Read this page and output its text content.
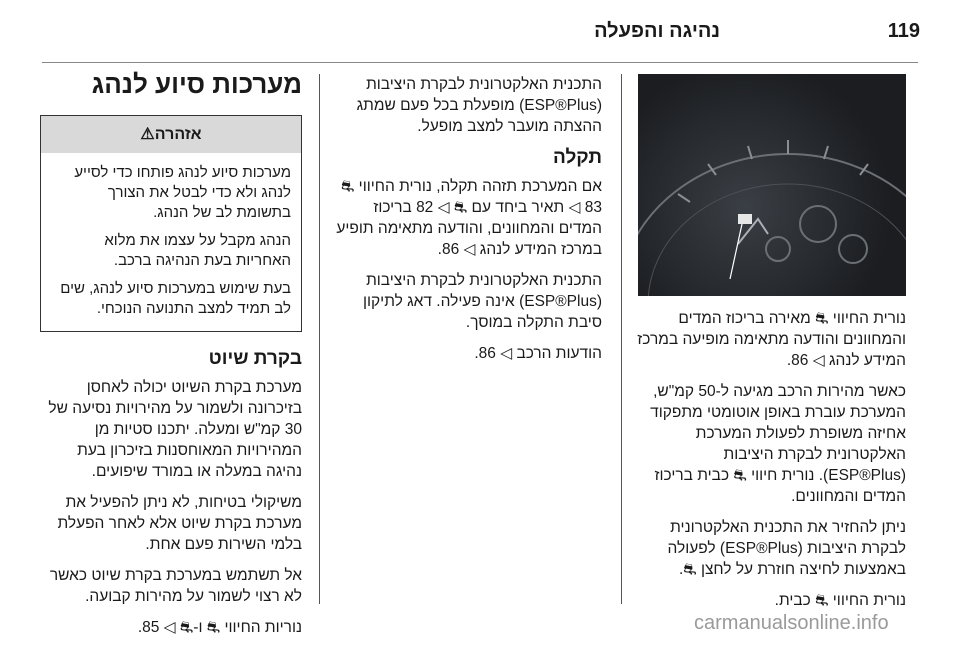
נהיגה והפעלה	119

נורית החיווי ⛐ מאירה בריכוז המדים והמחוונים והודעה מתאימה מופיעה במרכז המידע לנהג ◁ 86.

כאשר מהירות הרכב מגיעה ל-50 קמ"ש, המערכת עוברת באופן אוטומטי מתפקוד אחיזה משופרת לפעולת המערכת האלקטרונית לבקרת היציבות (ESP®Plus). נורית חיווי ⛐ כבית בריכוז המדים והמחוונים.

ניתן להחזיר את התכנית האלקטרונית לבקרת היציבות (ESP®Plus) לפעולה באמצעות לחיצה חוזרת על לחצן ⛐.

נורית החיווי ⛐ כבית.

התכנית האלקטרונית לבקרת היציבות (ESP®Plus) מופעלת בכל פעם שמתג ההצתה מועבר למצב מופעל.

תקלה

אם המערכת תזהה תקלה, נורית החיווי ⛐ 83 ◁ תאיר ביחד עם ⛐ ◁ 82 בריכוז המדים והמחוונים, והודעה מתאימה תופיע במרכז המידע לנהג ◁ 86.

התכנית האלקטרונית לבקרת היציבות (ESP®Plus) אינה פעילה. דאג לתיקון סיבת התקלה במוסך.

הודעות הרכב ◁ 86.

מערכות סיוע לנהג
אזהרה⚠

מערכות סיוע לנהג פותחו כדי לסייע לנהג ולא כדי לבטל את הצורך בתשומת לב של הנהג.

הנהג מקבל על עצמו את מלוא האחריות בעת הנהיגה ברכב.

בעת שימוש במערכות סיוע לנהג, שים לב תמיד למצב התנועה הנוכחי.

בקרת שיוט

מערכת בקרת השיוט יכולה לאחסן בזיכרונה ולשמור על מהירויות נסיעה של 30 קמ"ש ומעלה. יתכנו סטיות מן המהירויות המאוחסנות בזיכרון בעת נהיגה במעלה או במורד שיפועים.

משיקולי בטיחות, לא ניתן להפעיל את מערכת בקרת שיוט אלא לאחר הפעלת בלמי השירות פעם אחת.

אל תשתמש במערכת בקרת שיוט כאשר לא רצוי לשמור על מהירות קבועה.

נוריות החיווי ⛐ ו-⛐ ◁ 85.	carmanualsonline.info
